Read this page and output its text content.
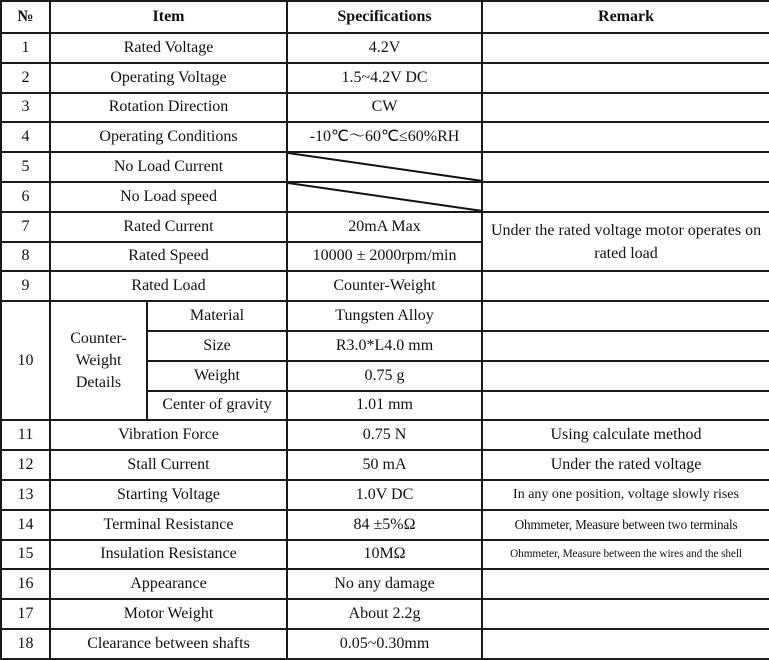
№	Item		Specifications	Remark
1	Rated Voltage		4.2V	
2	Operating Voltage		1.5~4.2V DC	
3	Rotation Direction		CW	
4	Operating Conditions		-10℃～60℃≤60%RH	
5	No Load Current	

6	No Load speed	

7	Rated Current		20mA Max	Under the rated voltage motor operates on rated load
8	Rated Speed		10000 ± 2000rpm/min	
9	Rated Load		Counter-Weight	
10	Counter-Weight Details	Material	Tungsten Alloy	
		Size	R3.0*L4.0 mm	
		Weight	0.75 g	
		Center of gravity	1.01 mm	
11	Vibration Force		0.75 N	Using calculate method
12	Stall Current		50 mA	Under the rated voltage
13	Starting Voltage		1.0V DC	In any one position, voltage slowly rises
14	Terminal Resistance		84 ±5%Ω	Ohmmeter, Measure between two terminals
15	Insulation Resistance		10MΩ	Ohmmeter, Measure between the wires and the shell
16	Appearance		No any damage	
17	Motor Weight		About 2.2g	
18	Clearance between shafts		0.05~0.30mm	
